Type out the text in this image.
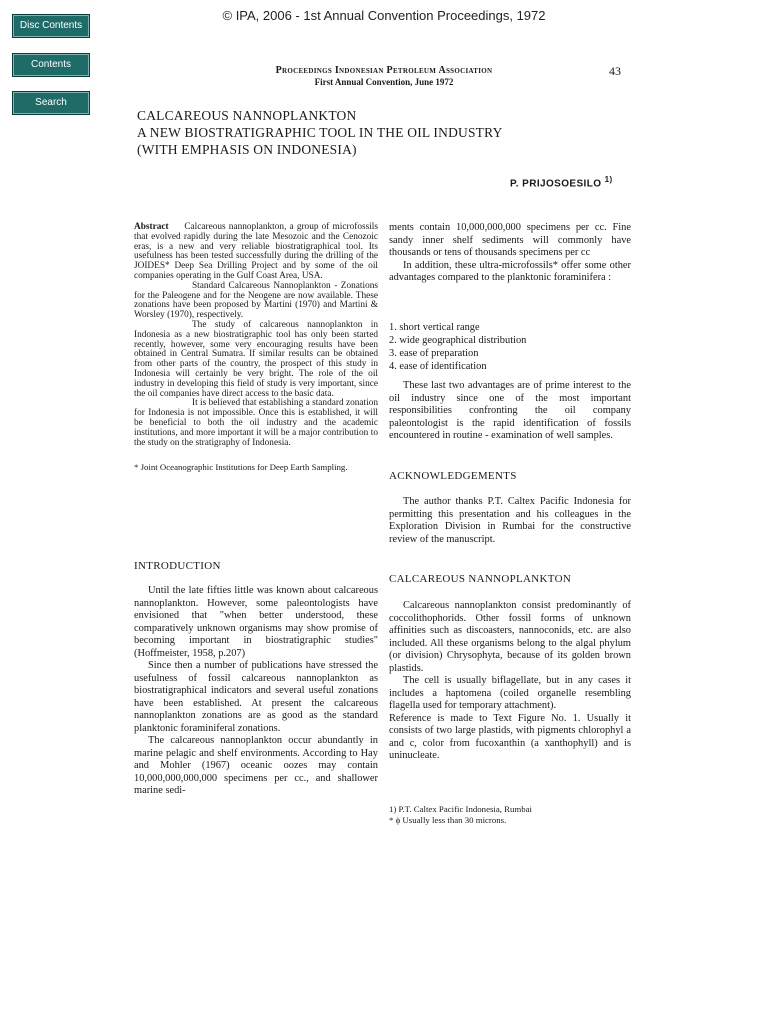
Disc Contents
Contents
Search
© IPA, 2006 - 1st Annual Convention Proceedings, 1972
Proceedings Indonesian Petroleum Association
First Annual Convention, June 1972
43
CALCAREOUS NANNOPLANKTON
A NEW BIOSTRATIGRAPHIC TOOL IN THE OIL INDUSTRY
(WITH EMPHASIS ON INDONESIA)
P. PRIJOSOESILO $^{1)}$
Abstract Calcareous nannoplankton, a group of microfossils that evolved rapidly during the late Mesozoic and the Cenozoic eras, is a new and very reliable biostratigraphical tool. Its usefulness has been tested successfully during the drilling of the JOIDES* Deep Sea Drilling Project and by some of the oil companies operating in the Gulf Coast Area, USA.
Standard Calcareous Nannoplankton - Zonations for the Paleogene and for the Neogene are now available. These zonations have been proposed by Martini (1970) and Martini & Worsley (1970), respectively.
The study of calcareous nannoplankton in Indonesia as a new biostratigraphic tool has only been started recently, however, some very encouraging results have been obtained in Central Sumatra. If similar results can be obtained from other parts of the country, the prospect of this study in Indonesia will certainly be very bright. The role of the oil industry in developing this field of study is very important, since the oil companies have direct access to the basic data.
It is believed that establishing a standard zonation for Indonesia is not impossible. Once this is established, it will be beneficial to both the oil industry and the academic institutions, and more important it will be a major contribution to the study on the stratigraphy of Indonesia.
* Joint Oceanographic Institutions for Deep Earth Sampling.
INTRODUCTION
Until the late fifties little was known about calcareous nannoplankton. However, some paleontologists have envisioned that "when better understood, these comparatively unknown organisms may show promise of becoming important in biostratigraphic studies" (Hoffmeister, 1958, p.207)
Since then a number of publications have stressed the usefulness of fossil calcareous nannoplankton as biostratigraphical indicators and several useful zonations have been established. At present the calcareous nannoplankton zonations are as good as the standard planktonic foraminiferal zonations.
The calcareous nannoplankton occur abundantly in marine pelagic and shelf environments. According to Hay and Mohler (1967) oceanic oozes may contain 10,000,000,000,000 specimens per cc., and shallower marine sedi-
ments contain 10,000,000,000 specimens per cc. Fine sandy inner shelf sediments will commonly have thousands or tens of thousands specimens per cc
In addition, these ultra-microfossils* offer some other advantages compared to the planktonic foraminifera :
1. short vertical range
2. wide geographical distribution
3. ease of preparation
4. ease of identification
These last two advantages are of prime interest to the oil industry since one of the most important responsibilities confronting the oil company paleontologist is the rapid identification of fossils encountered in routine - examination of well samples.
ACKNOWLEDGEMENTS
The author thanks P.T. Caltex Pacific Indonesia for permitting this presentation and his colleagues in the Exploration Division in Rumbai for the constructive review of the manuscript.
CALCAREOUS NANNOPLANKTON
Calcareous nannoplankton consist predominantly of coccolithophorids. Other fossil forms of unknown affinities such as discoasters, nannoconids, etc. are also included. All these organisms belong to the algal phylum (or division) Chrysophyta, because of its golden brown plastids.
The cell is usually biflagellate, but in any cases it includes a haptomena (coiled organelle resembling flagella used for temporary attachment).
Reference is made to Text Figure No. 1. Usually it consists of two large plastids, with pigments chlorophyl a and c, color from fucoxanthin (a xanthophyll) and is uninucleate.
1) P.T. Caltex Pacific Indonesia, Rumbai
* ϕ Usually less than 30 microns.
